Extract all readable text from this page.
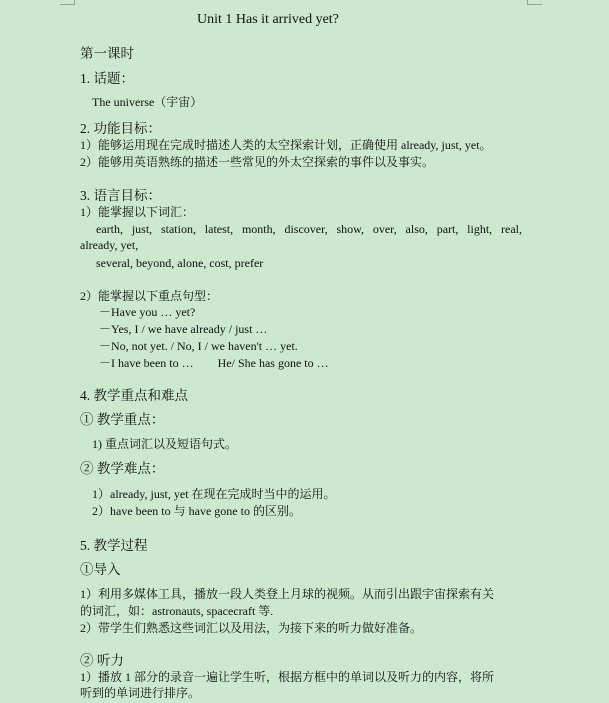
Unit 1 Has it arrived yet?
第一课时
1. 话题：
The universe（宇宙）
2. 功能目标：
1）能够运用现在完成时描述人类的太空探索计划，正确使用 already, just, yet。
2）能够用英语熟练的描述一些常见的外太空探索的事件以及事实。
3. 语言目标：
1）能掌握以下词汇：
earth, just, station, latest, month, discover, show, over, also, part, light, real,
already, yet,
several, beyond, alone, cost, prefer
2）能掌握以下重点句型：
－Have you … yet?
－Yes, I / we have already / just …
－No, not yet. / No, I / we haven't … yet.
－I have been to …        He/ She has gone to …
4. 教学重点和难点
① 教学重点：
1) 重点词汇以及短语句式。
② 教学难点：
1）already, just, yet 在现在完成时当中的运用。
2）have been to 与 have gone to 的区别。
5. 教学过程
①导入
1）利用多媒体工具，播放一段人类登上月球的视频。从而引出跟宇宙探索有关
的词汇，如：astronauts, spacecraft 等.
2）带学生们熟悉这些词汇以及用法，为接下来的听力做好准备。
② 听力
1）播放 1 部分的录音一遍让学生听，根据方框中的单词以及听力的内容，将所
听到的单词进行排序。
